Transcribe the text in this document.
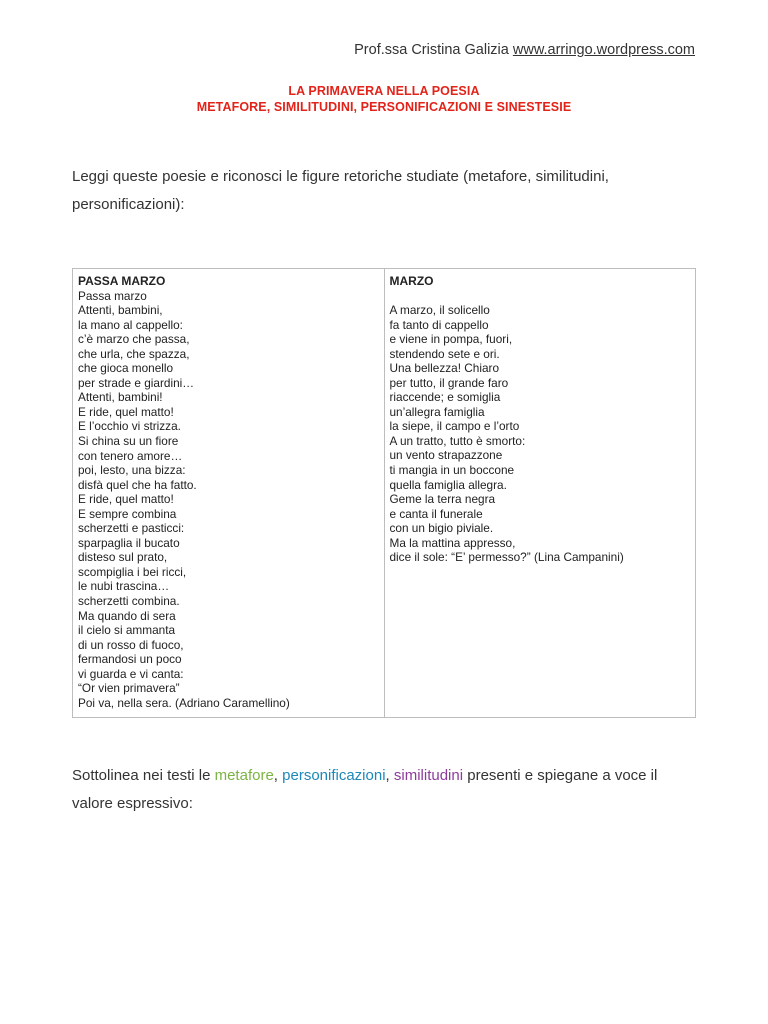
Prof.ssa Cristina Galizia www.arringo.wordpress.com
LA PRIMAVERA NELLA POESIA
METAFORE, SIMILITUDINI, PERSONIFICAZIONI E SINESTESIE
Leggi queste poesie e riconosci le figure retoriche studiate (metafore, similitudini, personificazioni):
PASSA MARZO
Passa marzo
Attenti, bambini,
la mano al cappello:
c’è marzo che passa,
che urla, che spazza,
che gioca monello
per strade e giardini…
Attenti, bambini!
E ride, quel matto!
E l’occhio vi strizza.
Si china su un fiore
con tenero amore…
poi, lesto, una bizza:
disfà quel che ha fatto.
E ride, quel matto!
E sempre combina
scherzetti e pasticci:
sparpaglia il bucato
disteso sul prato,
scompiglia i bei ricci,
le nubi trascina…
scherzetti combina.
Ma quando di sera
il cielo si ammanta
di un rosso di fuoco,
fermandosi un poco
vi guarda e vi canta:
“Or vien primavera”
Poi va, nella sera. (Adriano Caramellino)
MARZO
A marzo, il solicello
fa tanto di cappello
e viene in pompa, fuori,
stendendo sete e ori.
Una bellezza! Chiaro
per tutto, il grande faro
riaccende; e somiglia
un’allegra famiglia
la siepe, il campo e l’orto
A un tratto, tutto è smorto:
un vento strapazzone
ti mangia in un boccone
quella famiglia allegra.
Geme la terra negra
e canta il funerale
con un bigio piviale.
Ma la mattina appresso,
dice il sole: “E’ permesso?” (Lina Campanini)
Sottolinea nei testi le metafore, personificazioni, similitudini presenti e spiegane a voce il valore espressivo:
